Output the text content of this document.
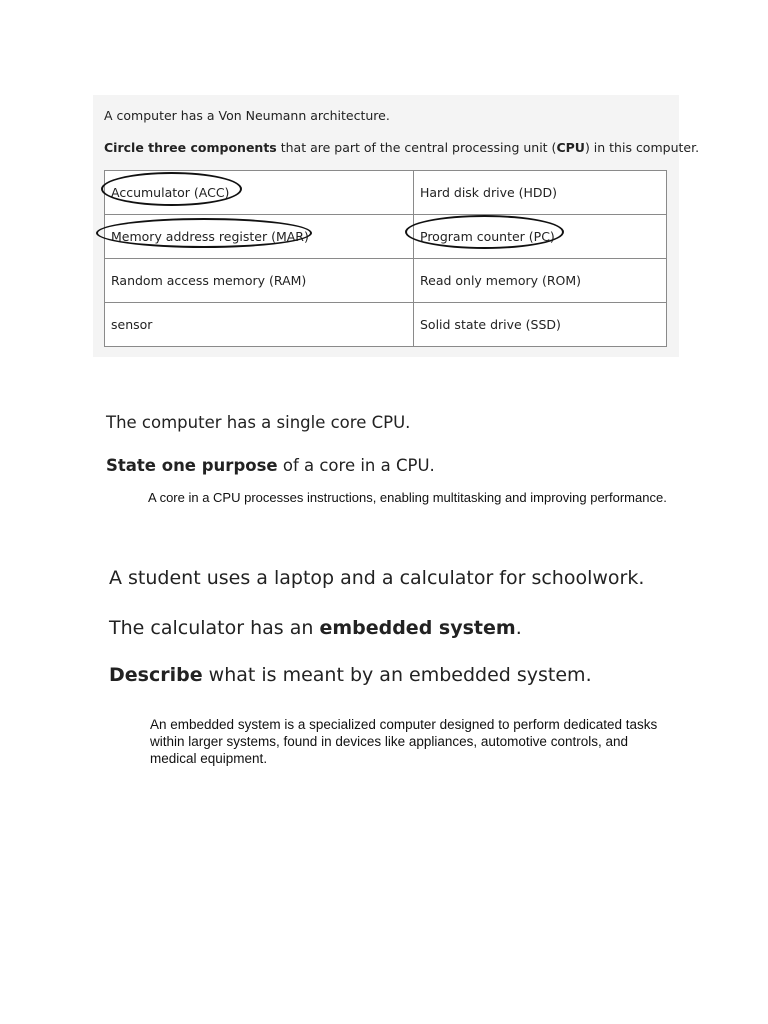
A computer has a Von Neumann architecture.
Circle three components that are part of the central processing unit (CPU) in this computer.
Accumulator (ACC)	Hard disk drive (HDD)
Memory address register (MAR)	Program counter (PC)
Random access memory (RAM)	Read only memory (ROM)
sensor	Solid state drive (SSD)
The computer has a single core CPU.
State one purpose of a core in a CPU.
A core in a CPU processes instructions, enabling multitasking and improving performance.
A student uses a laptop and a calculator for schoolwork.
The calculator has an embedded system.
Describe what is meant by an embedded system.
An embedded system is a specialized computer designed to perform dedicated tasks within larger systems, found in devices like appliances, automotive controls, and medical equipment.
